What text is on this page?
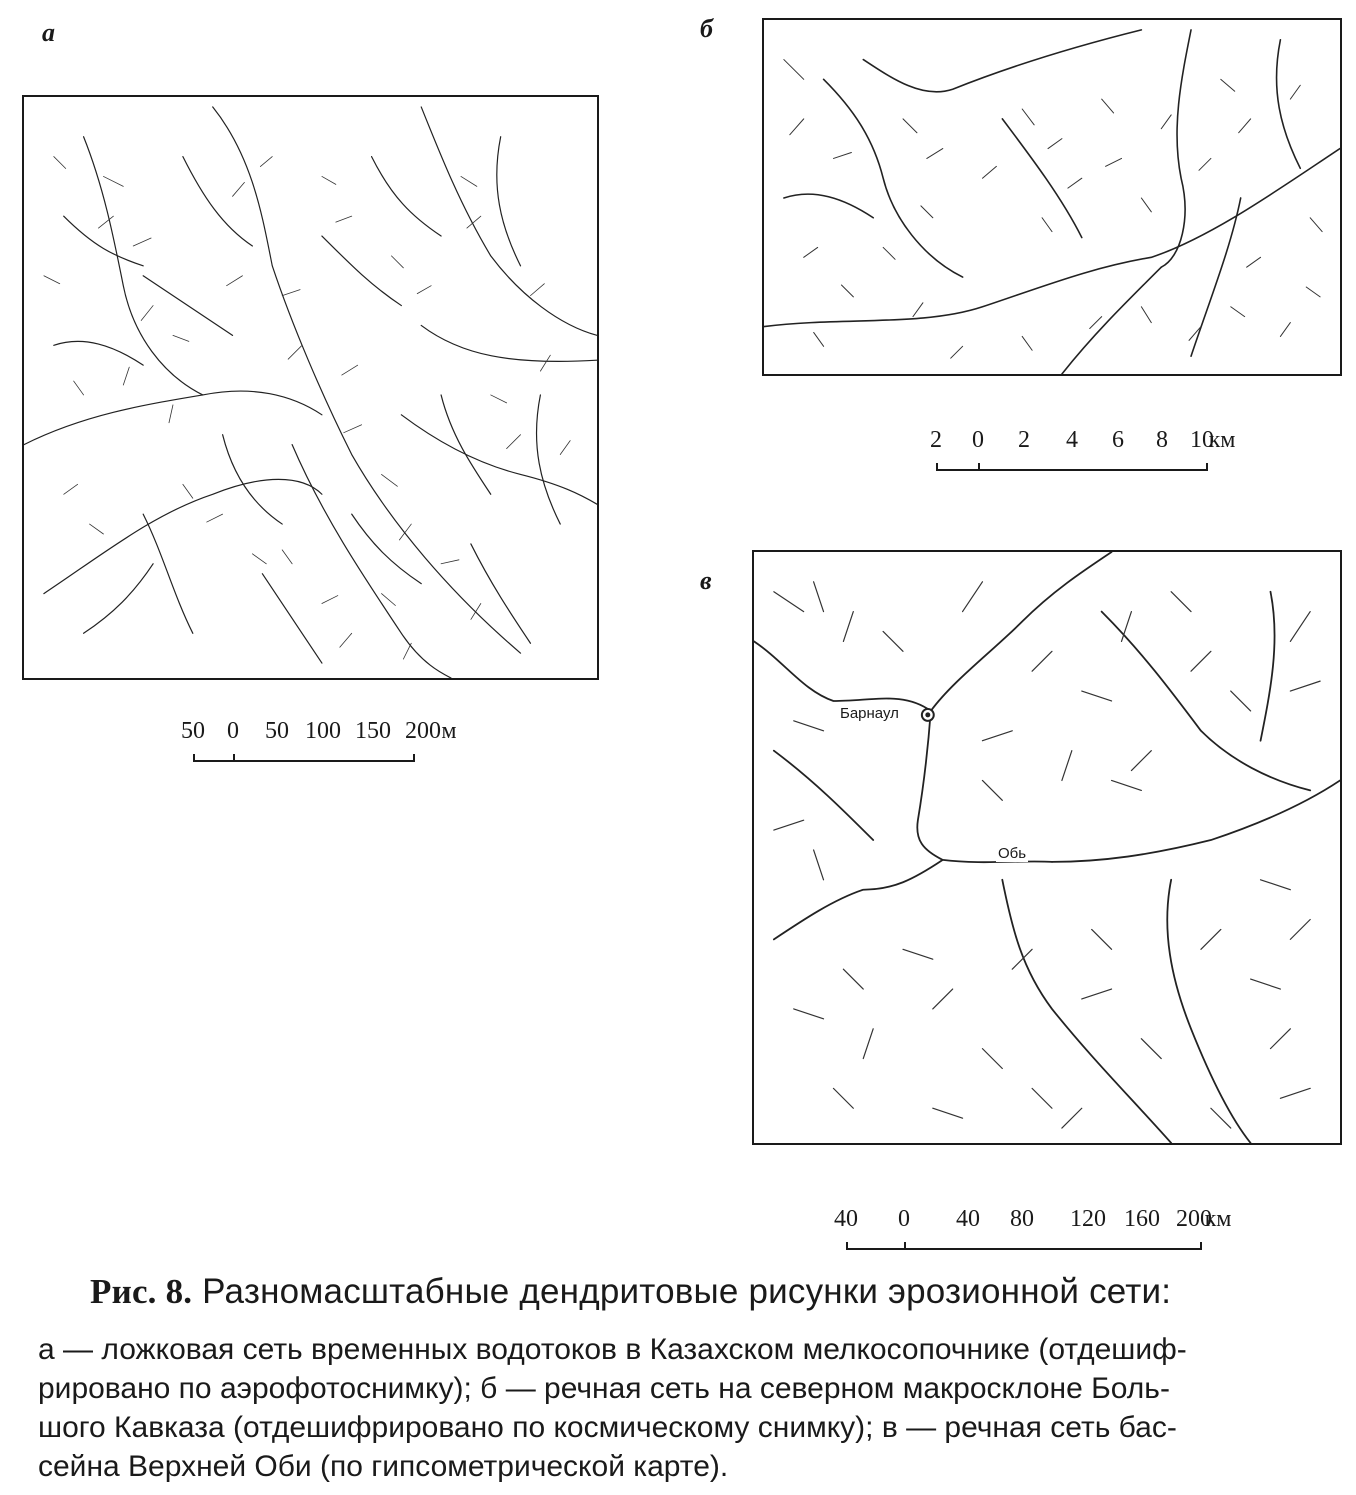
а
50 0 50 100 150 200 м
б
2 0 2 4 6 8 10
км
в
Барнаул
Обь
40 0 40 80 120 160 200
км
Рис. 8. Разномасштабные дендритовые рисунки эрозионной сети:
а — ложковая сеть временных водотоков в Казахском мелкосопочнике (отдешиф-
рировано по аэрофотоснимку); б — речная сеть на северном макросклоне Боль-
шого Кавказа (отдешифрировано по космическому снимку); в — речная сеть бас-
сейна Верхней Оби (по гипсометрической карте).
